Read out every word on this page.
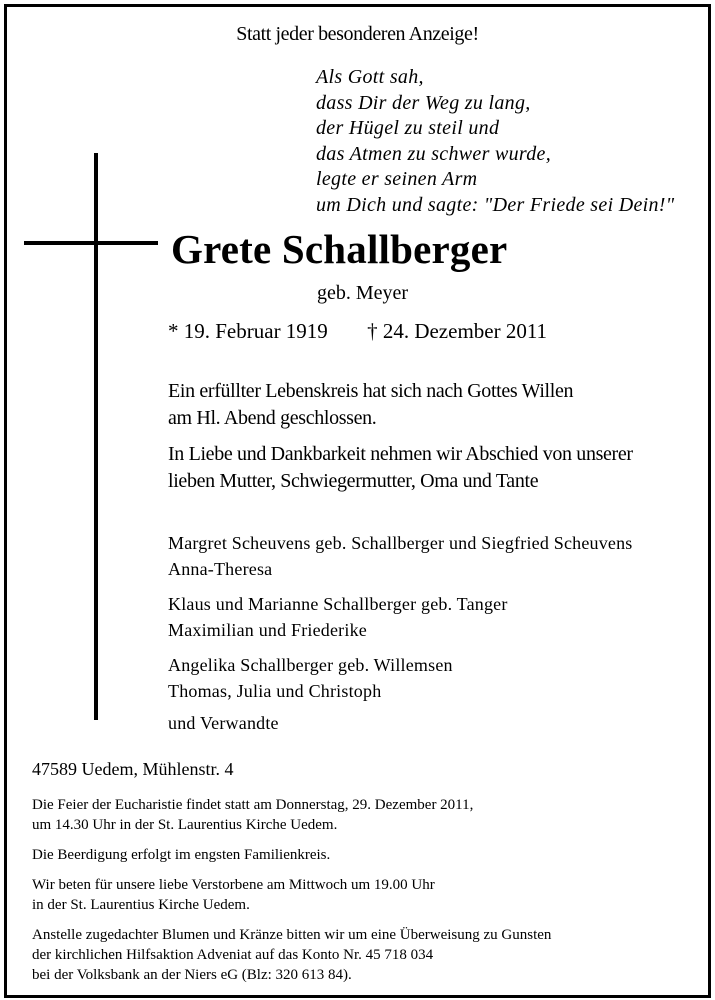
Statt jeder besonderen Anzeige!
Als Gott sah,
dass Dir der Weg zu lang,
der Hügel zu steil und
das Atmen zu schwer wurde,
legte er seinen Arm
um Dich und sagte: "Der Friede sei Dein!"
Grete Schallberger
geb. Meyer
* 19. Februar 1919 † 24. Dezember 2011
Ein erfüllter Lebenskreis hat sich nach Gottes Willen
am Hl. Abend geschlossen.
In Liebe und Dankbarkeit nehmen wir Abschied von unserer
lieben Mutter, Schwiegermutter, Oma und Tante
Margret Scheuvens geb. Schallberger und Siegfried Scheuvens
Anna-Theresa
Klaus und Marianne Schallberger geb. Tanger
Maximilian und Friederike
Angelika Schallberger geb. Willemsen
Thomas, Julia und Christoph
und Verwandte
47589 Uedem, Mühlenstr. 4
Die Feier der Eucharistie findet statt am Donnerstag, 29. Dezember 2011,
um 14.30 Uhr in der St. Laurentius Kirche Uedem.
Die Beerdigung erfolgt im engsten Familienkreis.
Wir beten für unsere liebe Verstorbene am Mittwoch um 19.00 Uhr
in der St. Laurentius Kirche Uedem.
Anstelle zugedachter Blumen und Kränze bitten wir um eine Überweisung zu Gunsten
der kirchlichen Hilfsaktion Adveniat auf das Konto Nr. 45 718 034
bei der Volksbank an der Niers eG (Blz: 320 613 84).
